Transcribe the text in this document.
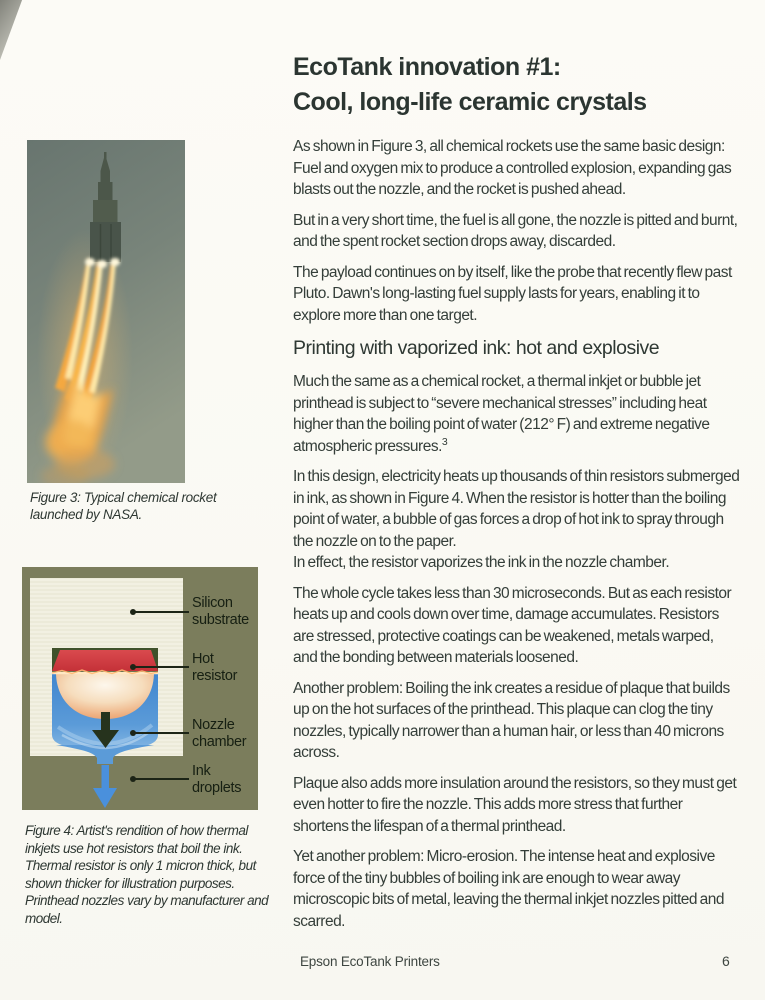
Figure 3: Typical chemical rocket launched by NASA.
Silicon substrate
Hot resistor
Nozzle chamber
Ink droplets
Figure 4: Artist's rendition of how thermal inkjets use hot resistors that boil the ink. Thermal resistor is only 1 micron thick, but shown thicker for illustration purposes. Printhead nozzles vary by manufacturer and model.
EcoTank innovation #1:
Cool, long-life ceramic crystals

As shown in Figure 3, all chemical rockets use the same basic design: Fuel and oxygen mix to produce a controlled explosion, expanding gas blasts out the nozzle, and the rocket is pushed ahead.

But in a very short time, the fuel is all gone, the nozzle is pitted and burnt, and the spent rocket section drops away, discarded.

The payload continues on by itself, like the probe that recently flew past Pluto. Dawn's long-lasting fuel supply lasts for years, enabling it to explore more than one target.

Printing with vaporized ink: hot and explosive

Much the same as a chemical rocket, a thermal inkjet or bubble jet printhead is subject to “severe mechanical stresses” including heat higher than the boiling point of water (212° F) and extreme negative atmospheric pressures.$^3$

In this design, electricity heats up thousands of thin resistors submerged in ink, as shown in Figure 4. When the resistor is hotter than the boiling point of water, a bubble of gas forces a drop of hot ink to spray through the nozzle on to the paper.
In effect, the resistor vaporizes the ink in the nozzle chamber.

The whole cycle takes less than 30 microseconds. But as each resistor heats up and cools down over time, damage accumulates. Resistors are stressed, protective coatings can be weakened, metals warped, and the bonding between materials loosened.

Another problem: Boiling the ink creates a residue of plaque that builds up on the hot surfaces of the printhead. This plaque can clog the tiny nozzles, typically narrower than a human hair, or less than 40 microns across.

Plaque also adds more insulation around the resistors, so they must get even hotter to fire the nozzle. This adds more stress that further shortens the lifespan of a thermal printhead.

Yet another problem: Micro-erosion. The intense heat and explosive force of the tiny bubbles of boiling ink are enough to wear away microscopic bits of metal, leaving the thermal inkjet nozzles pitted and scarred.

Epson EcoTank Printers	6
